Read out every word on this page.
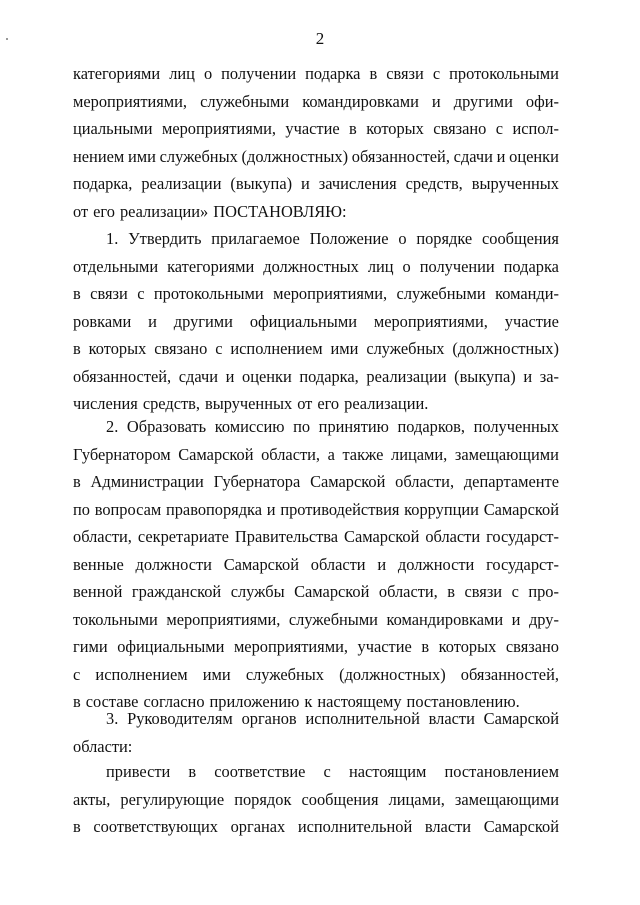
2
категориями лиц о получении подарка в связи с протокольными
мероприятиями, служебными командировками и другими офи-
циальными мероприятиями, участие в которых связано с испол-
нением ими служебных (должностных) обязанностей, сдачи и оценки
подарка, реализации (выкупа) и зачисления средств, вырученных
от его реализации» ПОСТАНОВЛЯЮ:
1. Утвердить прилагаемое Положение о порядке сообщения
отдельными категориями должностных лиц о получении подарка
в связи с протокольными мероприятиями, служебными команди-
ровками и другими официальными мероприятиями, участие
в которых связано с исполнением ими служебных (должностных)
обязанностей, сдачи и оценки подарка, реализации (выкупа) и за-
числения средств, вырученных от его реализации.
2. Образовать комиссию по принятию подарков, полученных
Губернатором Самарской области, а также лицами, замещающими
в Администрации Губернатора Самарской области, департаменте
по вопросам правопорядка и противодействия коррупции Самарской
области, секретариате Правительства Самарской области государст-
венные должности Самарской области и должности государст-
венной гражданской службы Самарской области, в связи с про-
токольными мероприятиями, служебными командировками и дру-
гими официальными мероприятиями, участие в которых связано
с исполнением ими служебных (должностных) обязанностей,
в составе согласно приложению к настоящему постановлению.
3. Руководителям органов исполнительной власти Самарской
области:
привести в соответствие с настоящим постановлением
акты, регулирующие порядок сообщения лицами, замещающими
в соответствующих органах исполнительной власти Самарской
